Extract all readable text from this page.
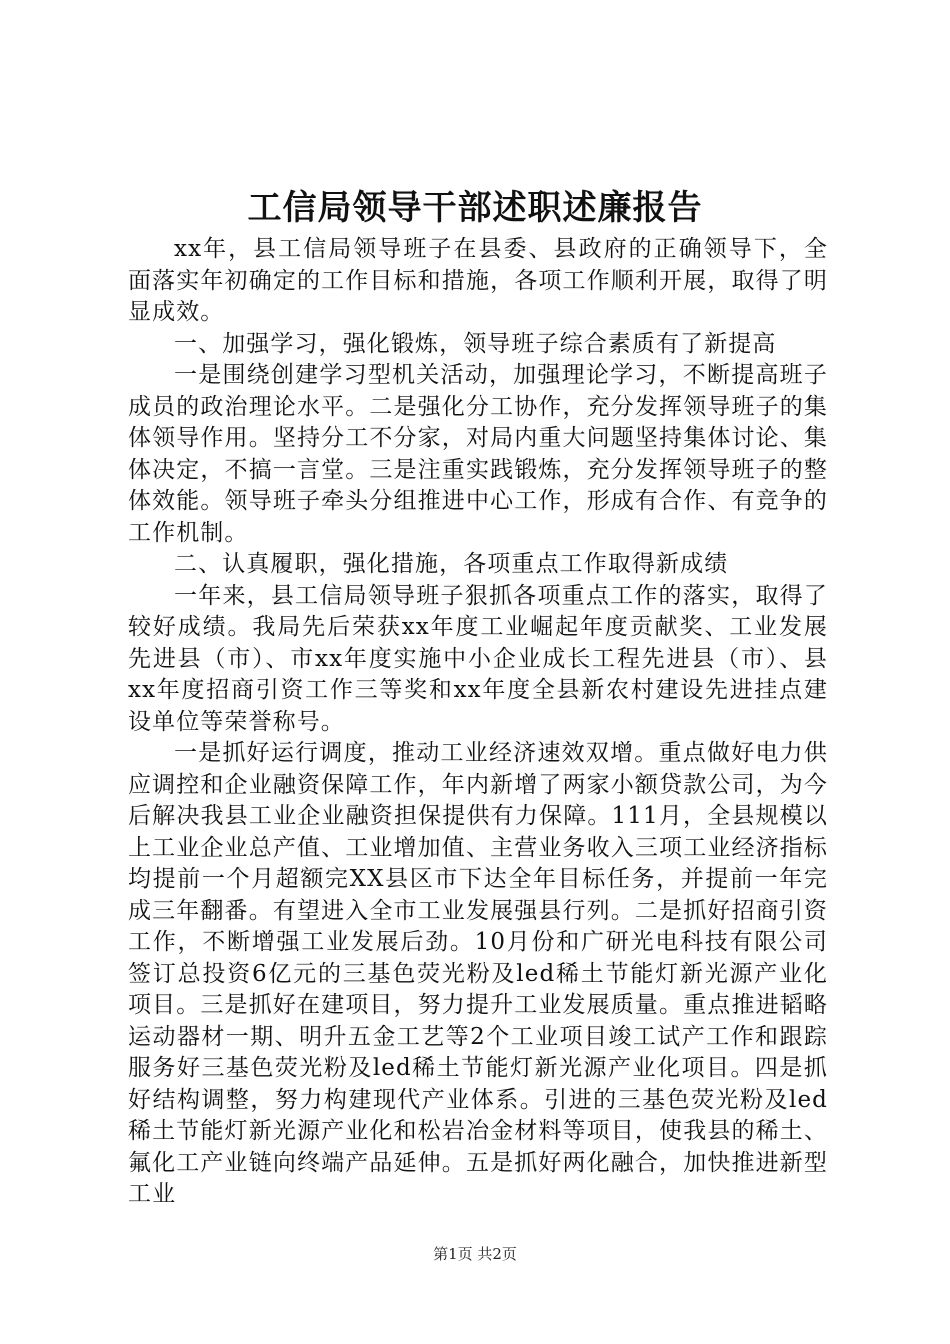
工信局领导干部述职述廉报告

xx年，县工信局领导班子在县委、县政府的正确领导下，全面落实年初确定的工作目标和措施，各项工作顺利开展，取得了明显成效。

一、加强学习，强化锻炼，领导班子综合素质有了新提高

一是围绕创建学习型机关活动，加强理论学习，不断提高班子成员的政治理论水平。二是强化分工协作，充分发挥领导班子的集体领导作用。坚持分工不分家，对局内重大问题坚持集体讨论、集体决定，不搞一言堂。三是注重实践锻炼，充分发挥领导班子的整体效能。领导班子牵头分组推进中心工作，形成有合作、有竞争的工作机制。

二、认真履职，强化措施，各项重点工作取得新成绩

一年来，县工信局领导班子狠抓各项重点工作的落实，取得了较好成绩。我局先后荣获xx年度工业崛起年度贡献奖、工业发展先进县（市）、市xx年度实施中小企业成长工程先进县（市）、县xx年度招商引资工作三等奖和xx年度全县新农村建设先进挂点建设单位等荣誉称号。

一是抓好运行调度，推动工业经济速效双增。重点做好电力供应调控和企业融资保障工作，年内新增了两家小额贷款公司，为今后解决我县工业企业融资担保提供有力保障。111月，全县规模以上工业企业总产值、工业增加值、主营业务收入三项工业经济指标均提前一个月超额完XX县区市下达全年目标任务，并提前一年完成三年翻番。有望进入全市工业发展强县行列。二是抓好招商引资工作，不断增强工业发展后劲。10月份和广研光电科技有限公司签订总投资6亿元的三基色荧光粉及led稀土节能灯新光源产业化项目。三是抓好在建项目，努力提升工业发展质量。重点推进韬略运动器材一期、明升五金工艺等2个工业项目竣工试产工作和跟踪服务好三基色荧光粉及led稀土节能灯新光源产业化项目。四是抓好结构调整，努力构建现代产业体系。引进的三基色荧光粉及led稀土节能灯新光源产业化和松岩冶金材料等项目，使我县的稀土、氟化工产业链向终端产品延伸。五是抓好两化融合，加快推进新型工业

第1页 共2页
